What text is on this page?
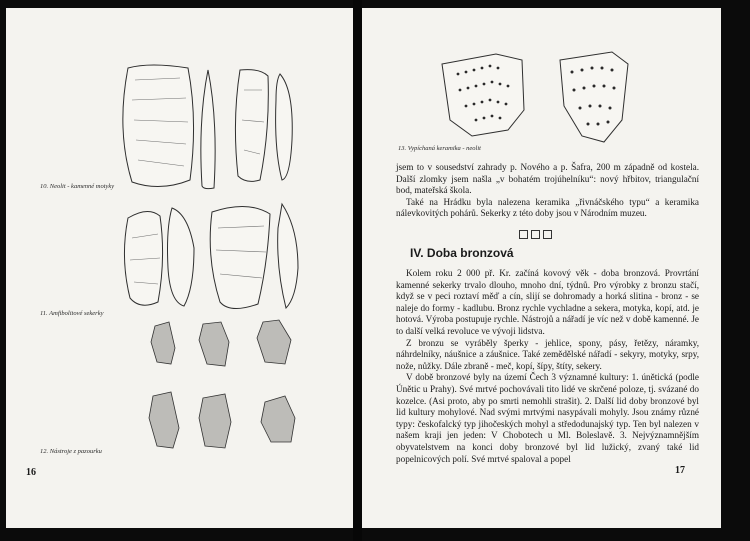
10. Neolit - kamenné motyky
11. Amfibolitové sekerky
12. Nástroje z pazourku
16
13. Vypíchaná keramika - neolit

jsem to v sousedství zahrady p. Nového a p. Šafra, 200 m západně od kostela. Další zlomky jsem našla „v bohatém trojúhelníku“: nový hřbitov, triangulační bod, mateřská škola.

Také na Hrádku byla nalezena keramika „řivnáčského typu“ a keramika nálevkovitých pohárů. Sekerky z této doby jsou v Národním muzeu.

IV. Doba bronzová

Kolem roku 2 000 př. Kr. začíná kovový věk - doba bronzová. Provrtání kamenné sekerky trvalo dlouho, mnoho dní, týdnů. Pro výrobky z bronzu stačí, když se v peci roztaví měď a cín, slijí se dohromady a horká slitina - bronz - se naleje do formy - kadlubu. Bronz rychle vychladne a sekera, motyka, kopí, atd. je hotová. Výroba postupuje rychle. Nástrojů a nářadí je víc než v době kamenné. Je to další velká revoluce ve vývoji lidstva.

Z bronzu se vyráběly šperky - jehlice, spony, pásy, řetězy, náramky, náhrdelníky, náušnice a záušnice. Také zemědělské nářadí - sekyry, motyky, srpy, nože, nůžky. Dále zbraně - meč, kopí, šípy, štíty, sekery.

V době bronzové byly na území Čech 3 významné kultury: 1. únětická (podle Únětic u Prahy). Své mrtvé pochovávali tito lidé ve skrčené poloze, tj. svázané do kozelce. (Asi proto, aby po smrti nemohli strašit). 2. Další lid doby bronzové byl lid kultury mohylové. Nad svými mrtvými nasypávali mohyly. Jsou známy různé typy: českofalcký typ jihočeských mohyl a středodunajský typ. Ten byl nalezen v našem kraji jen jeden: V Chobotech u Ml. Boleslavě. 3. Nejvýznamnějším obyvatelstvem na konci doby bronzové byl lid lužický, zvaný také lid popelnicových polí. Své mrtvé spaloval a popel

17
